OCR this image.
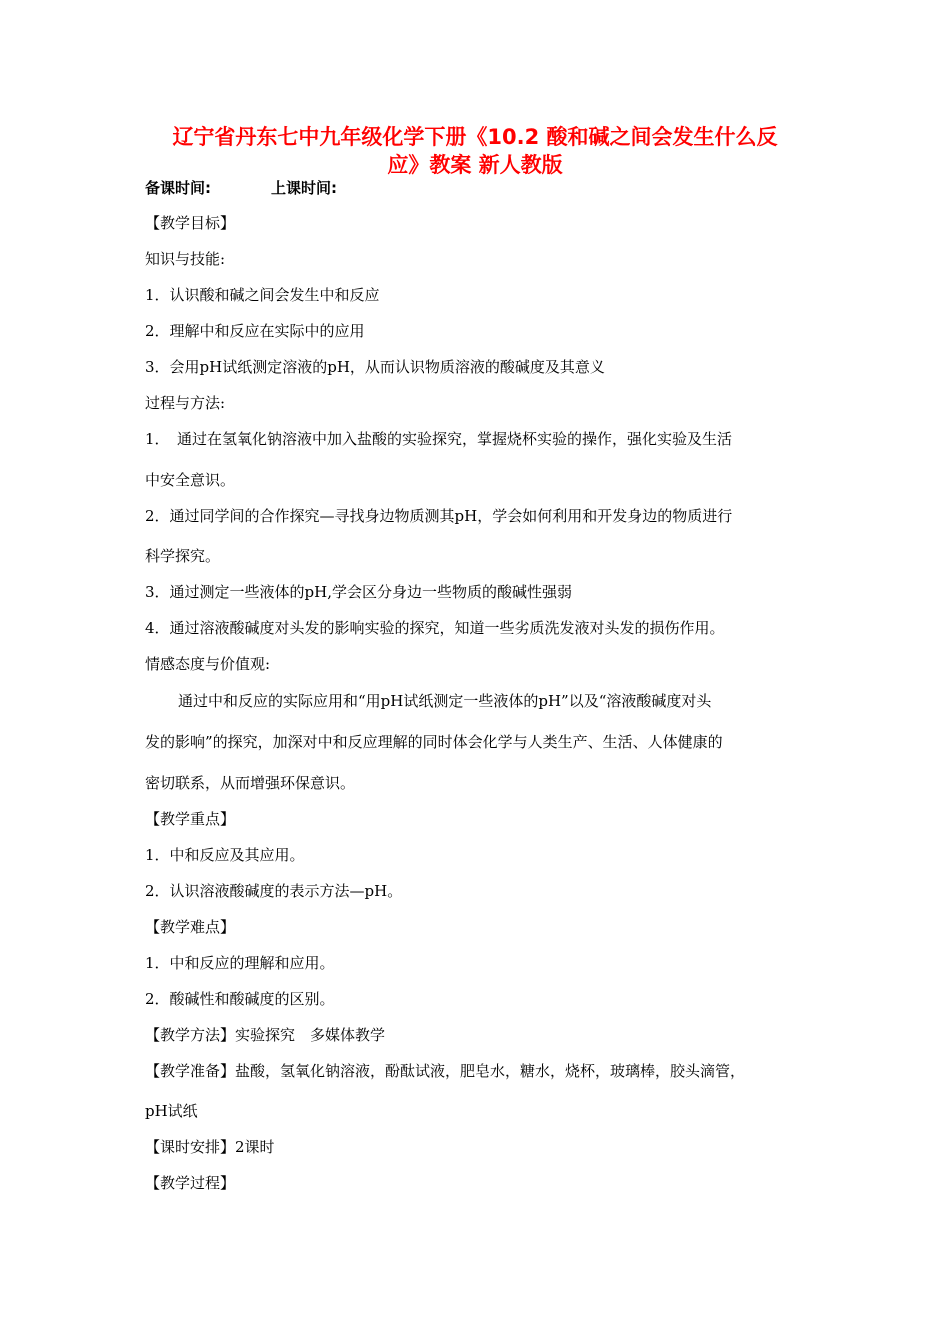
辽宁省丹东七中九年级化学下册《10.2 酸和碱之间会发生什么反
应》教案 新人教版
备课时间:	上课时间:
【教学目标】
知识与技能:
1．认识酸和碱之间会发生中和反应
2．理解中和反应在实际中的应用
3．会用pH试纸测定溶液的pH，从而认识物质溶液的酸碱度及其意义
过程与方法:
1．　通过在氢氧化钠溶液中加入盐酸的实验探究，掌握烧杯实验的操作，强化实验及生活
中安全意识。
2．通过同学间的合作探究—寻找身边物质测其pH，学会如何利用和开发身边的物质进行
科学探究。
3．通过测定一些液体的pH,学会区分身边一些物质的酸碱性强弱
4．通过溶液酸碱度对头发的影响实验的探究，知道一些劣质洗发液对头发的损伤作用。
情感态度与价值观:
通过中和反应的实际应用和“用pH试纸测定一些液体的pH”以及“溶液酸碱度对头
发的影响”的探究，加深对中和反应理解的同时体会化学与人类生产、生活、人体健康的
密切联系，从而增强环保意识。
【教学重点】
1．中和反应及其应用。
2．认识溶液酸碱度的表示方法—pH。
【教学难点】
1．中和反应的理解和应用。
2．酸碱性和酸碱度的区别。
【教学方法】实验探究　多媒体教学
【教学准备】盐酸，氢氧化钠溶液，酚酞试液，肥皂水，糖水，烧杯，玻璃棒，胶头滴管，
pH试纸
【课时安排】2课时
【教学过程】
